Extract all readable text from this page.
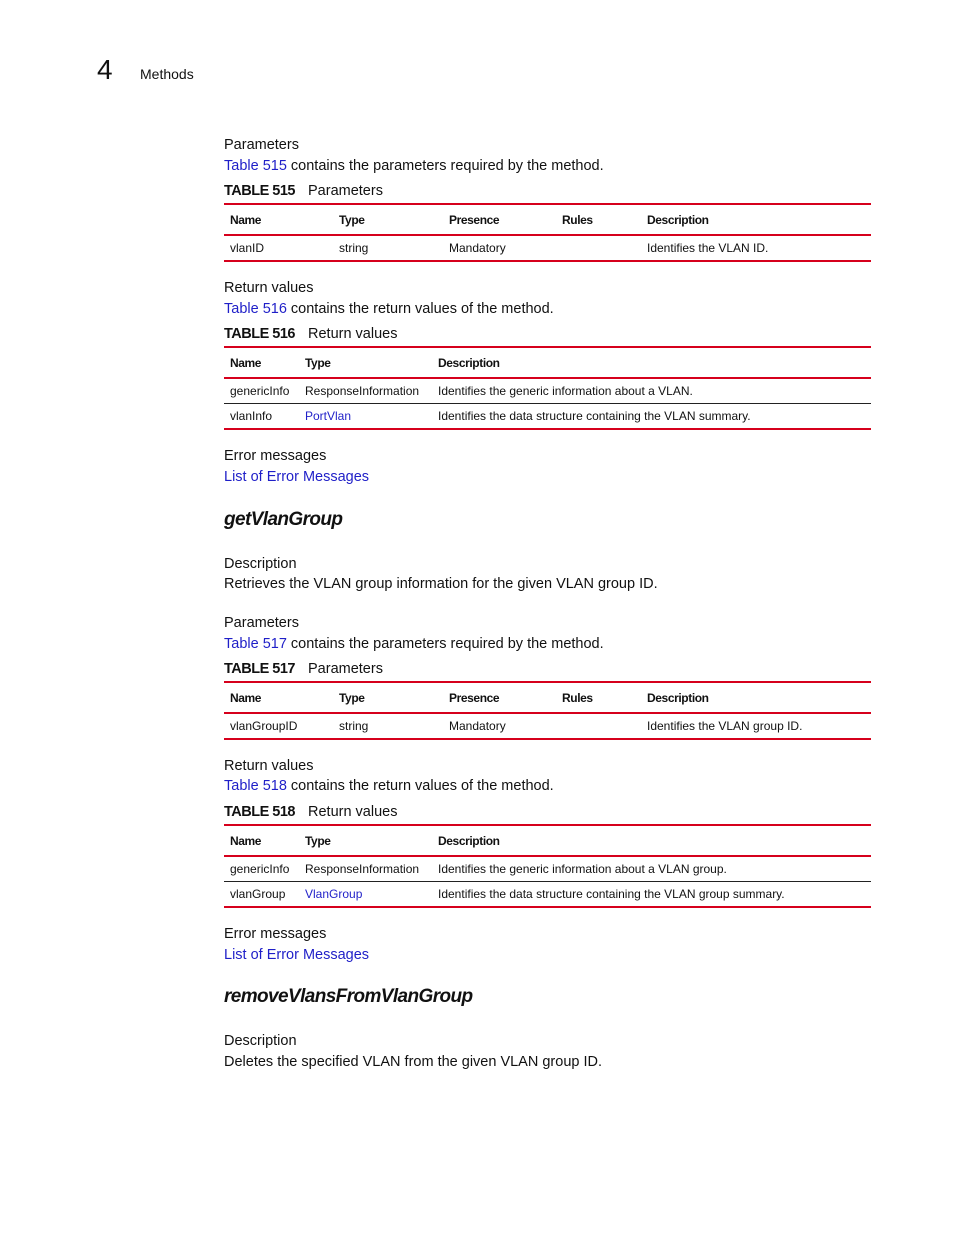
4 Methods
Parameters
Table 515 contains the parameters required by the method.
TABLE 515 Parameters
Name	Type	Presence	Rules	Description
vlanID	string	Mandatory		Identifies the VLAN ID.
Return values
Table 516 contains the return values of the method.
TABLE 516 Return values
Name	Type	Description
genericInfo	ResponseInformation	Identifies the generic information about a VLAN.
vlanInfo	PortVlan	Identifies the data structure containing the VLAN summary.
Error messages
List of Error Messages
getVlanGroup
Description
Retrieves the VLAN group information for the given VLAN group ID.
Parameters
Table 517 contains the parameters required by the method.
TABLE 517 Parameters
Name	Type	Presence	Rules	Description
vlanGroupID	string	Mandatory		Identifies the VLAN group ID.
Return values
Table 518 contains the return values of the method.
TABLE 518 Return values
Name	Type	Description
genericInfo	ResponseInformation	Identifies the generic information about a VLAN group.
vlanGroup	VlanGroup	Identifies the data structure containing the VLAN group summary.
Error messages
List of Error Messages
removeVlansFromVlanGroup
Description
Deletes the specified VLAN from the given VLAN group ID.
